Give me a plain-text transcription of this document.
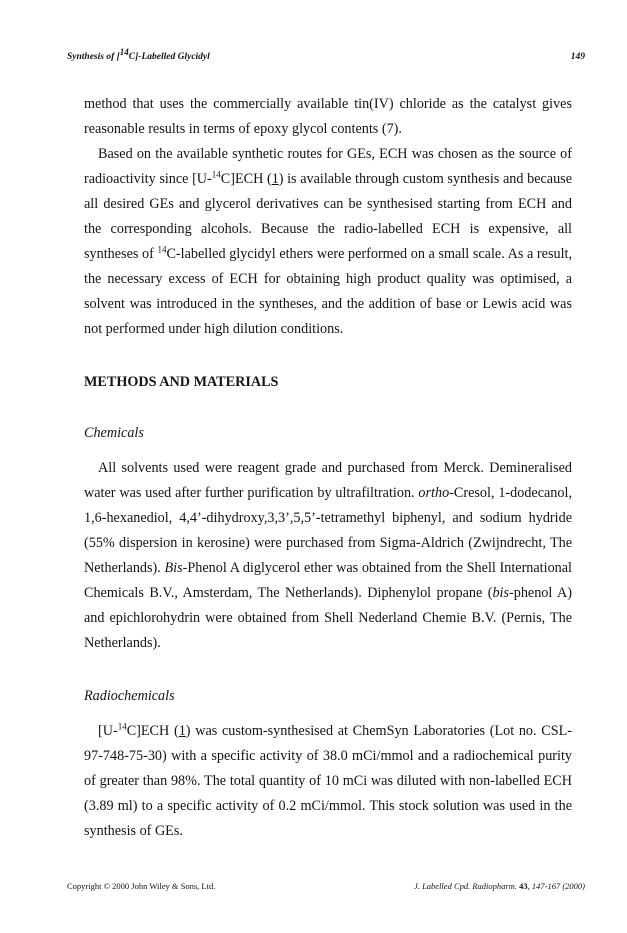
Synthesis of [$^{14}$C]-Labelled Glycidyl	149

method that uses the commercially available tin(IV) chloride as the catalyst gives reasonable results in terms of epoxy glycol contents (7).

Based on the available synthetic routes for GEs, ECH was chosen as the source of radioactivity since [U-$^{14}$C]ECH (1) is available through custom synthesis and because all desired GEs and glycerol derivatives can be synthesised starting from ECH and the corresponding alcohols. Because the radio-labelled ECH is expensive, all syntheses of $^{14}$C-labelled glycidyl ethers were performed on a small scale. As a result, the necessary excess of ECH for obtaining high product quality was optimised, a solvent was introduced in the syntheses, and the addition of base or Lewis acid was not performed under high dilution conditions.

METHODS AND MATERIALS

Chemicals

All solvents used were reagent grade and purchased from Merck. Demineralised water was used after further purification by ultrafiltration. ortho-Cresol, 1-dodecanol, 1,6-hexanediol, 4,4’-dihydroxy,3,3’,5,5’-tetramethyl biphenyl, and sodium hydride (55% dispersion in kerosine) were purchased from Sigma-Aldrich (Zwijndrecht, The Netherlands). Bis-Phenol A diglycerol ether was obtained from the Shell International Chemicals B.V., Amsterdam, The Netherlands). Diphenylol propane (bis-phenol A) and epichlorohydrin were obtained from Shell Nederland Chemie B.V. (Pernis, The Netherlands).

Radiochemicals

[U-$^{14}$C]ECH (1) was custom-synthesised at ChemSyn Laboratories (Lot no. CSL-97-748-75-30) with a specific activity of 38.0 mCi/mmol and a radiochemical purity of greater than 98%. The total quantity of 10 mCi was diluted with non-labelled ECH (3.89 ml) to a specific activity of 0.2 mCi/mmol. This stock solution was used in the synthesis of GEs.

Copyright © 2000 John Wiley & Sons, Ltd.	J. Labelled Cpd. Radiopharm. 43, 147-167 (2000)
